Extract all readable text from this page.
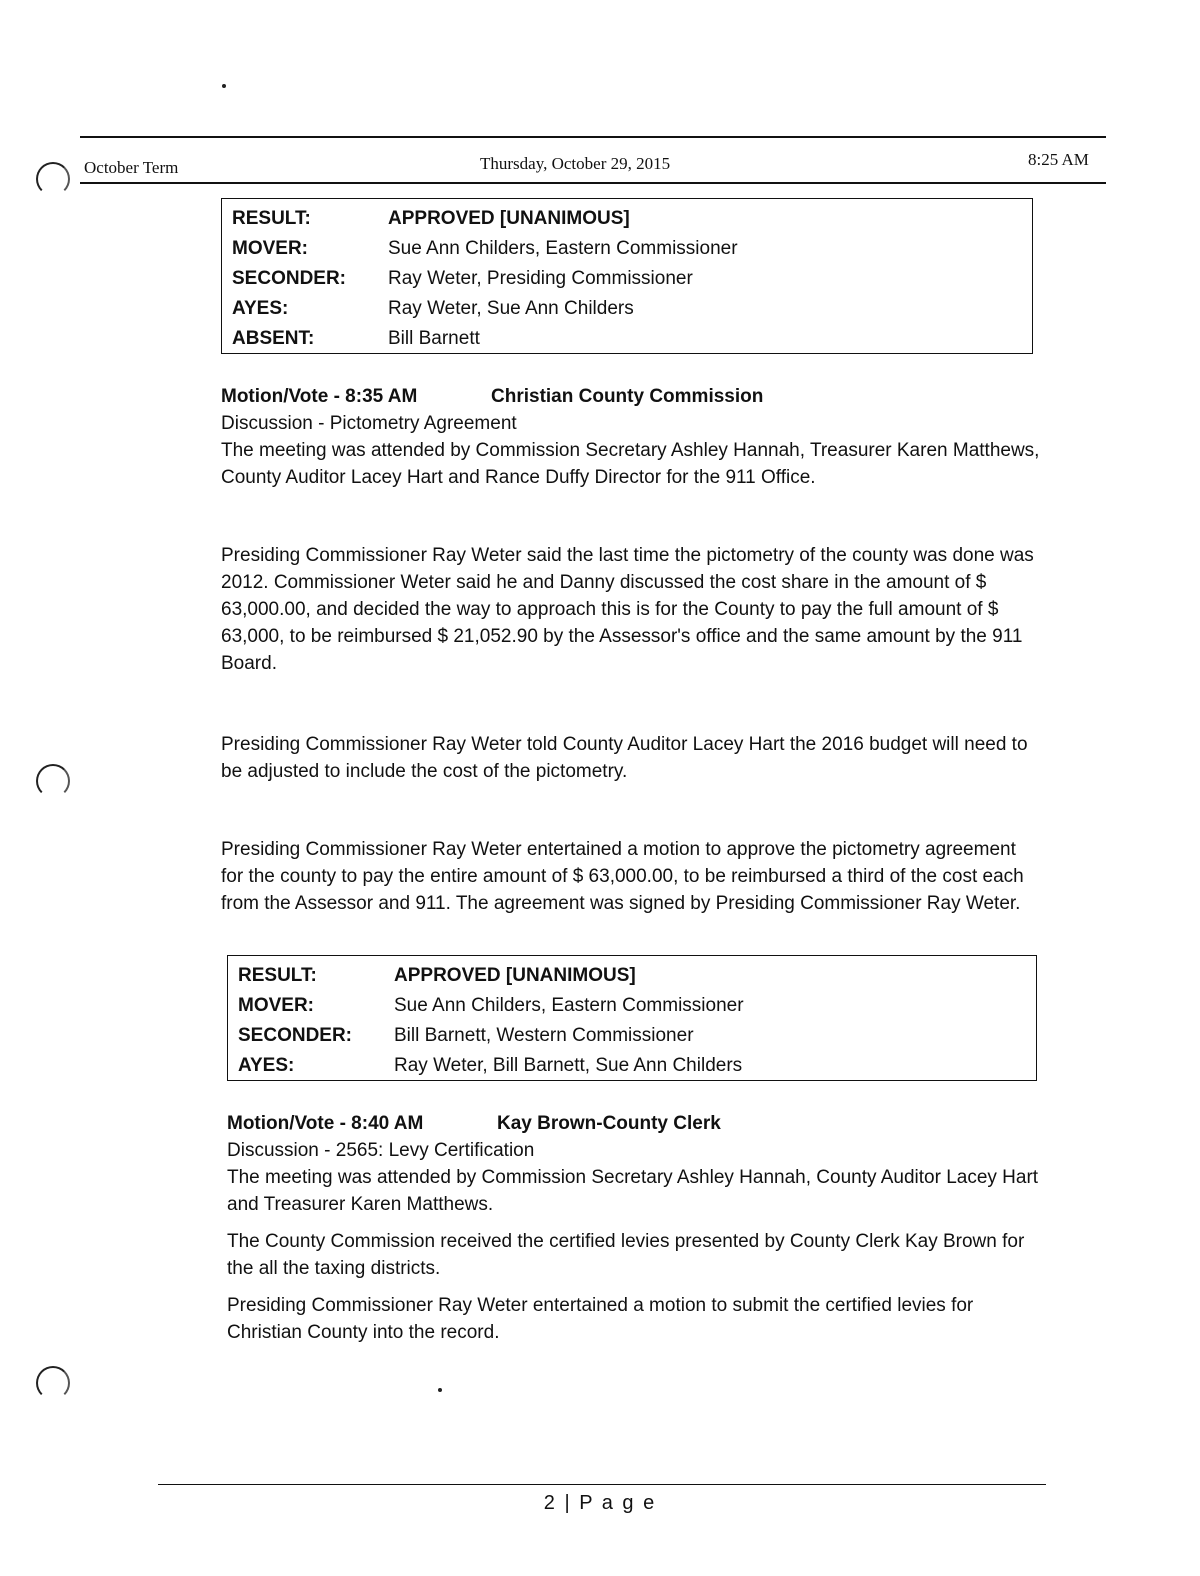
October Term	Thursday, October 29, 2015	8:25 AM
RESULT:	APPROVED [UNANIMOUS]
MOVER:	Sue Ann Childers, Eastern Commissioner
SECONDER:	Ray Weter, Presiding Commissioner
AYES:	Ray Weter, Sue Ann Childers
ABSENT:	Bill Barnett
Motion/Vote - 8:35 AM	Christian County Commission

Discussion - Pictometry Agreement

The meeting was attended by Commission Secretary Ashley Hannah, Treasurer Karen Matthews, County Auditor Lacey Hart and Rance Duffy Director for the 911 Office.

Presiding Commissioner Ray Weter said the last time the pictometry of the county was done was 2012. Commissioner Weter said he and Danny discussed the cost share in the amount of $ 63,000.00, and decided the way to approach this is for the County to pay the full amount of $ 63,000, to be reimbursed $ 21,052.90 by the Assessor's office and the same amount by the 911 Board.
Presiding Commissioner Ray Weter told County Auditor Lacey Hart the 2016 budget will need to be adjusted to include the cost of the pictometry.
Presiding Commissioner Ray Weter entertained a motion to approve the pictometry agreement for the county to pay the entire amount of $ 63,000.00, to be reimbursed a third of the cost each from the Assessor and 911. The agreement was signed by Presiding Commissioner Ray Weter.
RESULT:	APPROVED [UNANIMOUS]
MOVER:	Sue Ann Childers, Eastern Commissioner
SECONDER:	Bill Barnett, Western Commissioner
AYES:	Ray Weter, Bill Barnett, Sue Ann Childers
Motion/Vote - 8:40 AM	Kay Brown-County Clerk

Discussion - 2565: Levy Certification

The meeting was attended by Commission Secretary Ashley Hannah, County Auditor Lacey Hart and Treasurer Karen Matthews.

The County Commission received the certified levies presented by County Clerk Kay Brown for the all the taxing districts.

Presiding Commissioner Ray Weter entertained a motion to submit the certified levies for Christian County into the record.

2 | P a g e
